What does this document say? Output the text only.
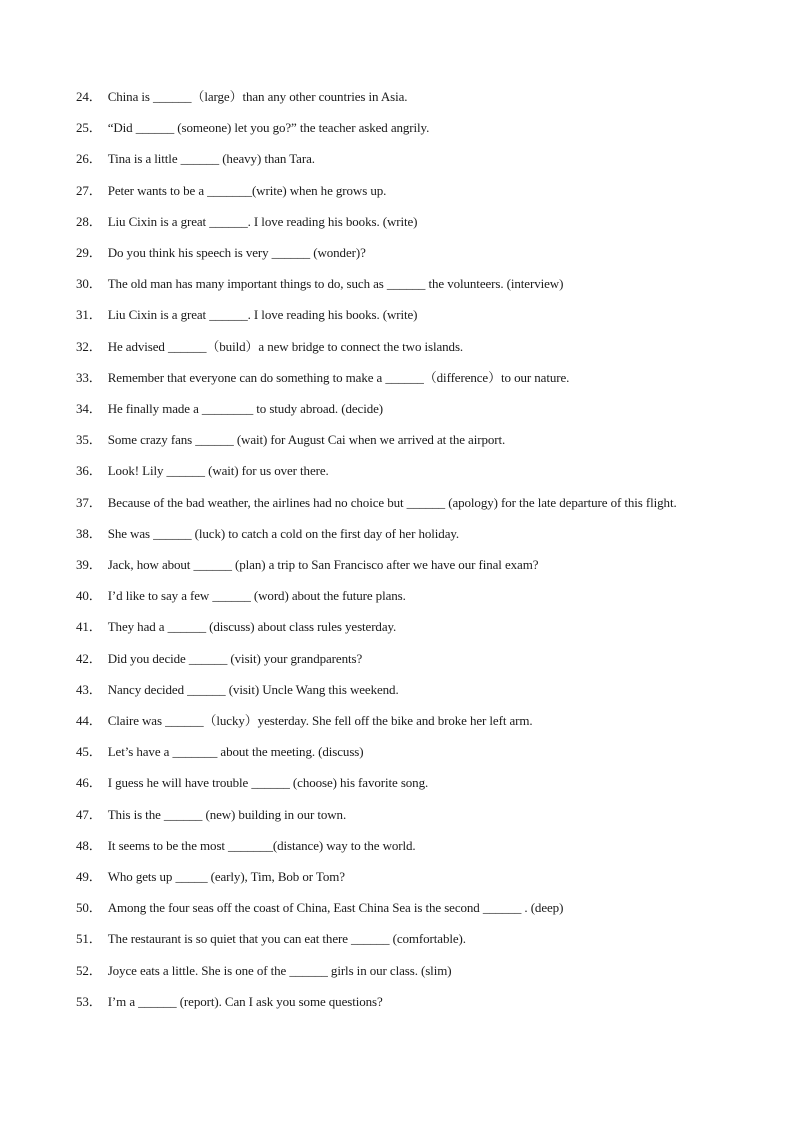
24． China is ______（large）than any other countries in Asia.
25． “Did ______ (someone) let you go?” the teacher asked angrily.
26． Tina is a little ______ (heavy) than Tara.
27． Peter wants to be a _______(write) when he grows up.
28． Liu Cixin is a great ______. I love reading his books. (write)
29． Do you think his speech is very ______ (wonder)?
30． The old man has many important things to do, such as ______ the volunteers. (interview)
31． Liu Cixin is a great ______. I love reading his books. (write)
32． He advised ______（build）a new bridge to connect the two islands.
33． Remember that everyone can do something to make a ______（difference）to our nature.
34． He finally made a ________ to study abroad. (decide)
35． Some crazy fans ______ (wait) for August Cai when we arrived at the airport.
36． Look! Lily ______ (wait) for us over there.
37． Because of the bad weather, the airlines had no choice but ______ (apology) for the late departure of this flight.
38． She was ______ (luck) to catch a cold on the first day of her holiday.
39． Jack, how about ______ (plan) a trip to San Francisco after we have our final exam?
40． I’d like to say a few ______ (word) about the future plans.
41． They had a ______ (discuss) about class rules yesterday.
42． Did you decide ______ (visit) your grandparents?
43． Nancy decided ______ (visit) Uncle Wang this weekend.
44． Claire was ______（lucky）yesterday. She fell off the bike and broke her left arm.
45． Let’s have a _______ about the meeting. (discuss)
46． I guess he will have trouble ______ (choose) his favorite song.
47． This is the ______ (new) building in our town.
48． It seems to be the most _______(distance) way to the world.
49． Who gets up _____ (early), Tim, Bob or Tom?
50． Among the four seas off the coast of China, East China Sea is the second ______ . (deep)
51． The restaurant is so quiet that you can eat there ______ (comfortable).
52． Joyce eats a little. She is one of the ______ girls in our class. (slim)
53． I’m a ______ (report). Can I ask you some questions?
